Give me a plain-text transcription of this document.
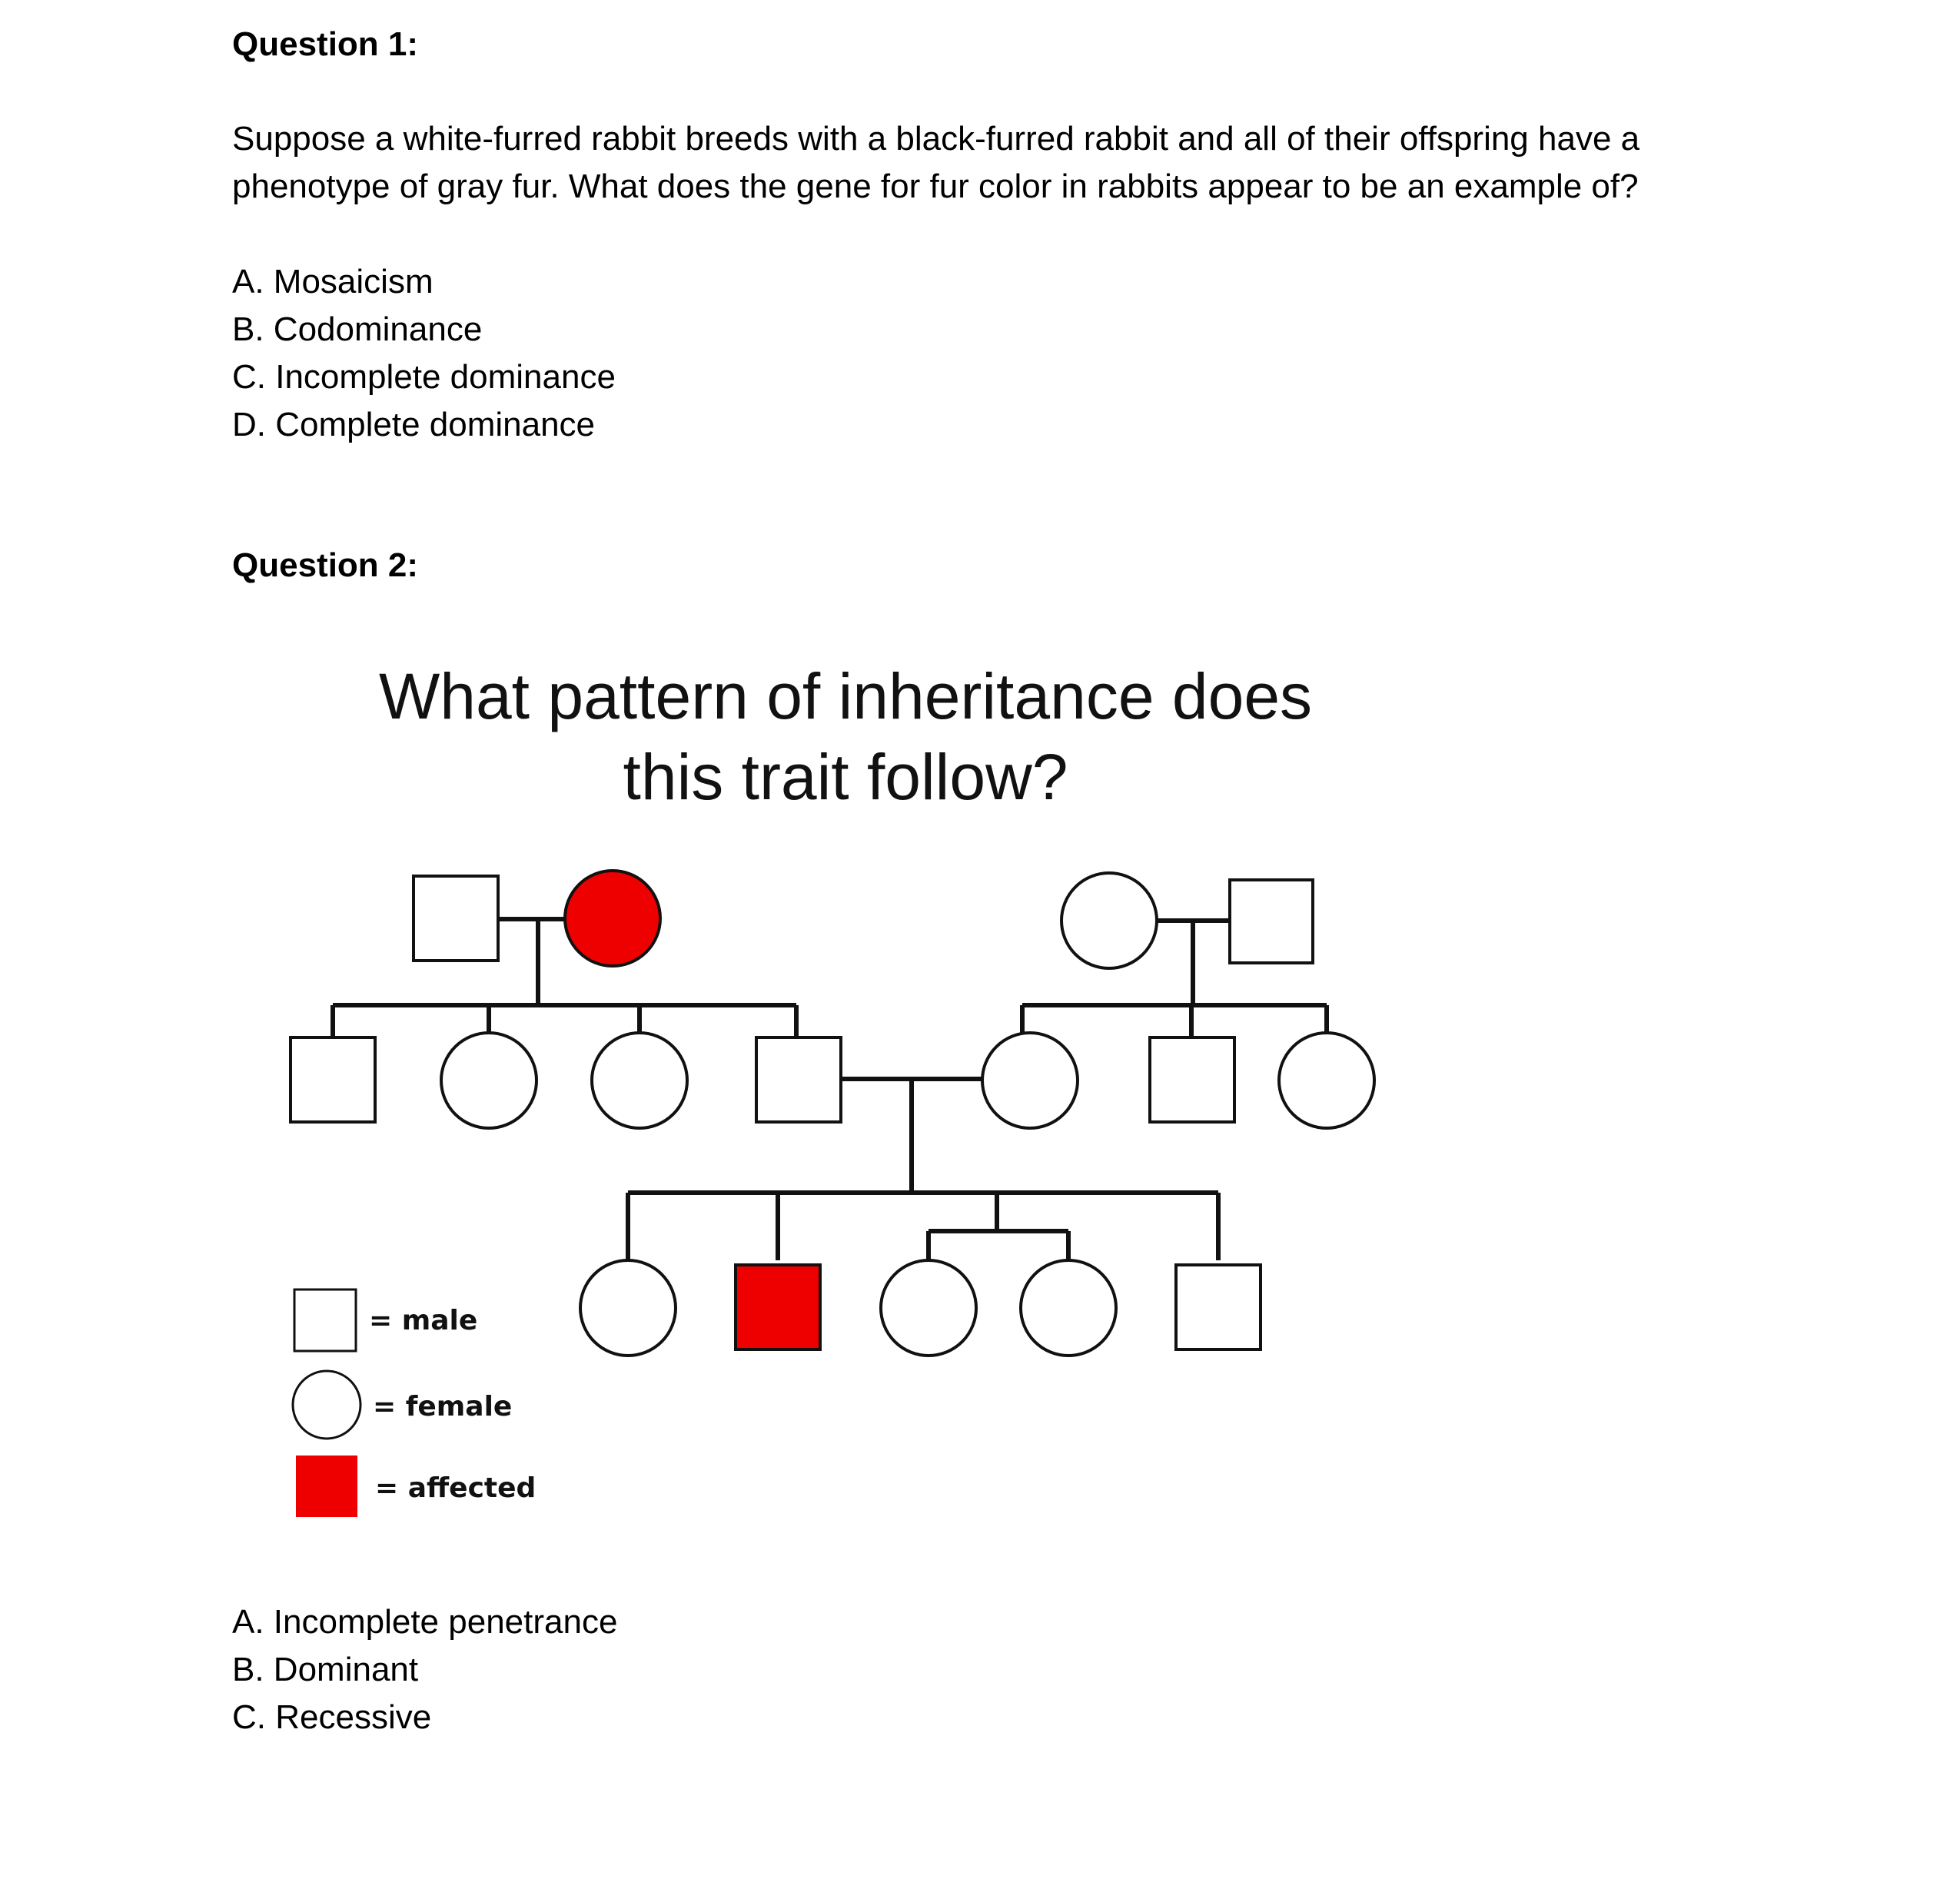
Question 1:

Suppose a white-furred rabbit breeds with a black-furred rabbit and all of their offspring have a
phenotype of gray fur. What does the gene for fur color in rabbits appear to be an example of?

A. Mosaicism
B. Codominance
C. Incomplete dominance
D. Complete dominance
Question 2:
What pattern of inheritance does
this trait follow?
= male
= female
= affected
A. Incomplete penetrance
B. Dominant
C. Recessive
